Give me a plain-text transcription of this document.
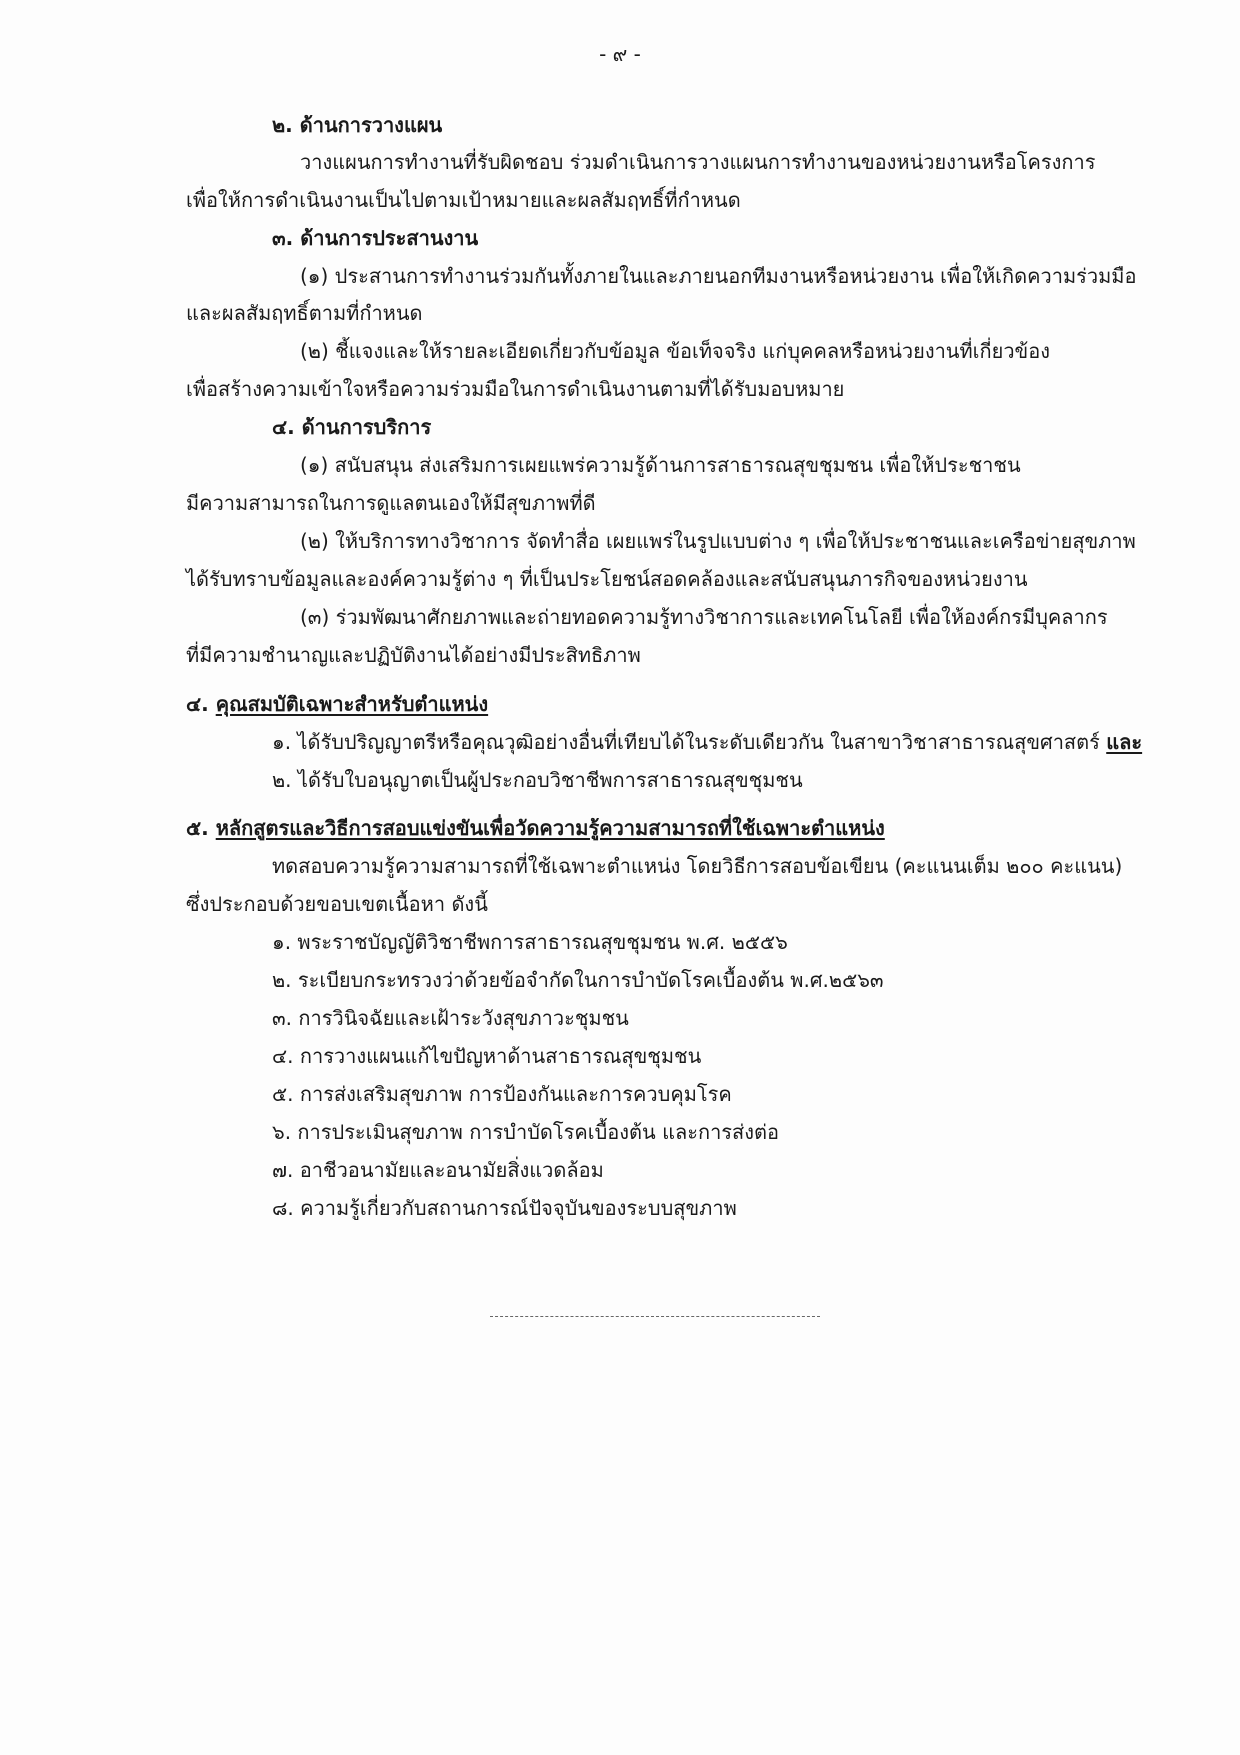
- ๙ -
๒. ด้านการวางแผน
วางแผนการทำงานที่รับผิดชอบ ร่วมดำเนินการวางแผนการทำงานของหน่วยงานหรือโครงการ
เพื่อให้การดำเนินงานเป็นไปตามเป้าหมายและผลสัมฤทธิ์ที่กำหนด
๓. ด้านการประสานงาน
(๑) ประสานการทำงานร่วมกันทั้งภายในและภายนอกทีมงานหรือหน่วยงาน เพื่อให้เกิดความร่วมมือ
และผลสัมฤทธิ์ตามที่กำหนด
(๒) ชี้แจงและให้รายละเอียดเกี่ยวกับข้อมูล ข้อเท็จจริง แก่บุคคลหรือหน่วยงานที่เกี่ยวข้อง
เพื่อสร้างความเข้าใจหรือความร่วมมือในการดำเนินงานตามที่ได้รับมอบหมาย
๔. ด้านการบริการ
(๑) สนับสนุน ส่งเสริมการเผยแพร่ความรู้ด้านการสาธารณสุขชุมชน เพื่อให้ประชาชน
มีความสามารถในการดูแลตนเองให้มีสุขภาพที่ดี
(๒) ให้บริการทางวิชาการ จัดทำสื่อ เผยแพร่ในรูปแบบต่าง ๆ เพื่อให้ประชาชนและเครือข่ายสุขภาพ
ได้รับทราบข้อมูลและองค์ความรู้ต่าง ๆ ที่เป็นประโยชน์สอดคล้องและสนับสนุนภารกิจของหน่วยงาน
(๓) ร่วมพัฒนาศักยภาพและถ่ายทอดความรู้ทางวิชาการและเทคโนโลยี เพื่อให้องค์กรมีบุคลากร
ที่มีความชำนาญและปฏิบัติงานได้อย่างมีประสิทธิภาพ
๔. คุณสมบัติเฉพาะสำหรับตำแหน่ง
๑. ได้รับปริญญาตรีหรือคุณวุฒิอย่างอื่นที่เทียบได้ในระดับเดียวกัน ในสาขาวิชาสาธารณสุขศาสตร์ และ
๒. ได้รับใบอนุญาตเป็นผู้ประกอบวิชาชีพการสาธารณสุขชุมชน
๕. หลักสูตรและวิธีการสอบแข่งขันเพื่อวัดความรู้ความสามารถที่ใช้เฉพาะตำแหน่ง
ทดสอบความรู้ความสามารถที่ใช้เฉพาะตำแหน่ง โดยวิธีการสอบข้อเขียน (คะแนนเต็ม ๒๐๐ คะแนน)
ซึ่งประกอบด้วยขอบเขตเนื้อหา ดังนี้
๑. พระราชบัญญัติวิชาชีพการสาธารณสุขชุมชน พ.ศ. ๒๕๕๖
๒. ระเบียบกระทรวงว่าด้วยข้อจำกัดในการบำบัดโรคเบื้องต้น พ.ศ.๒๕๖๓
๓. การวินิจฉัยและเฝ้าระวังสุขภาวะชุมชน
๔. การวางแผนแก้ไขปัญหาด้านสาธารณสุขชุมชน
๕. การส่งเสริมสุขภาพ การป้องกันและการควบคุมโรค
๖. การประเมินสุขภาพ การบำบัดโรคเบื้องต้น และการส่งต่อ
๗. อาชีวอนามัยและอนามัยสิ่งแวดล้อม
๘. ความรู้เกี่ยวกับสถานการณ์ปัจจุบันของระบบสุขภาพ
